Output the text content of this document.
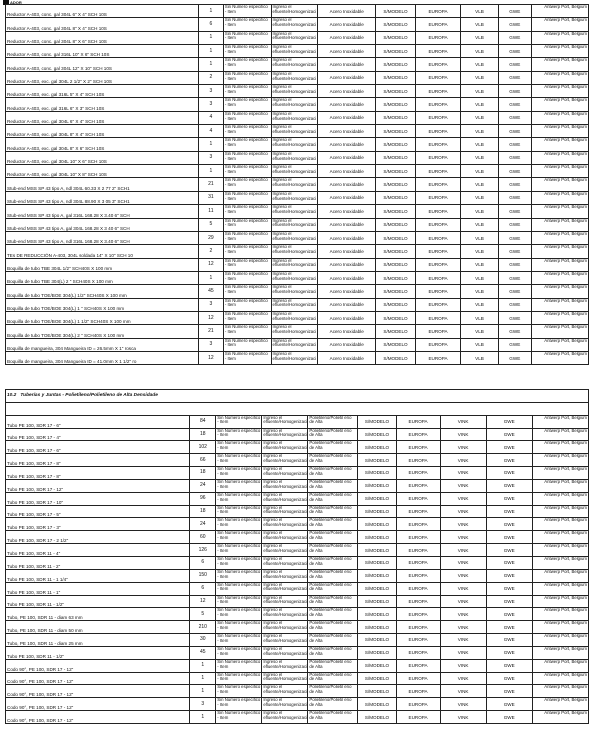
ADOR
Reductor A-403, conc. gal 304L 6" X 4" SCH 10S	1	Sin Numero especifico - Item	Ingreso el efluente/Homogenizaci	Acero Inoxidable	S/MODELO	EUROPA	VLB	GWE	Antwerp Port, Belgium
Reductor A-403, conc. gal 304L 8" X 4" SCH 10S	6	Sin Numero especifico - Item	Ingreso el efluente/Homogenizaci	Acero Inoxidable	S/MODELO	EUROPA	VLB	GWE	Antwerp Port, Belgium
Reductor A-403, conc. gal 304L 8" X 6" SCH 10S	1	Sin Numero especifico - Item	Ingreso el efluente/Homogenizaci	Acero Inoxidable	S/MODELO	EUROPA	VLB	GWE	Antwerp Port, Belgium
Reductor A-403, conc. gal 316L 10" X 6" SCH 10S	1	Sin Numero especifico - Item	Ingreso el efluente/Homogenizaci	Acero Inoxidable	S/MODELO	EUROPA	VLB	GWE	Antwerp Port, Belgium
Reductor A-403, conc. gal 304L 12" X 10" SCH 10S	1	Sin Numero especifico - Item	Ingreso el efluente/Homogenizaci	Acero Inoxidable	S/MODELO	EUROPA	VLB	GWE	Antwerp Port, Belgium
Reductor A-403, exc. gal 304L 2 1/2" X 2" SCH 10S	2	Sin Numero especifico - Item	Ingreso el efluente/Homogenizaci	Acero Inoxidable	S/MODELO	EUROPA	VLB	GWE	Antwerp Port, Belgium
Reductor A-403, exc. gal 316L 5" X 4" SCH 10S	3	Sin Numero especifico - Item	Ingreso el efluente/Homogenizaci	Acero Inoxidable	S/MODELO	EUROPA	VLB	GWE	Antwerp Port, Belgium
Reductor A-403, exc. gal 316L 6" X 3" SCH 10S	3	Sin Numero especifico - Item	Ingreso el efluente/Homogenizaci	Acero Inoxidable	S/MODELO	EUROPA	VLB	GWE	Antwerp Port, Belgium
Reductor A-403, exc. gal 304L 6" X 4" SCH 10S	4	Sin Numero especifico - Item	Ingreso el efluente/Homogenizaci	Acero Inoxidable	S/MODELO	EUROPA	VLB	GWE	Antwerp Port, Belgium
Reductor A-403, exc. gal 304L 8" X 4" SCH 10S	4	Sin Numero especifico - Item	Ingreso el efluente/Homogenizaci	Acero Inoxidable	S/MODELO	EUROPA	VLB	GWE	Antwerp Port, Belgium
Reductor A-403, exc. gal 304L 8" X 6" SCH 10S	1	Sin Numero especifico - Item	Ingreso el efluente/Homogenizaci	Acero Inoxidable	S/MODELO	EUROPA	VLB	GWE	Antwerp Port, Belgium
Reductor A-403, exc. gal 304L 10" X 6" SCH 10S	3	Sin Numero especifico - Item	Ingreso el efluente/Homogenizaci	Acero Inoxidable	S/MODELO	EUROPA	VLB	GWE	Antwerp Port, Belgium
Reductor A-403, exc. gal 304L 10" X 8" SCH 10S	1	Sin Numero especifico - Item	Ingreso el efluente/Homogenizaci	Acero Inoxidable	S/MODELO	EUROPA	VLB	GWE	Antwerp Port, Belgium
Stub-end MSS SP 43 tipo A, ndl 304L 60.33 X 2 77 2" SCH1	21	Sin Numero especifico - Item	Ingreso el efluente/Homogenizaci	Acero Inoxidable	S/MODELO	EUROPA	VLB	GWE	Antwerp Port, Belgium
Stub-end MSS SP 43 tipo A, ndl 304L 88.90 X 3 05 3" SCH1	31	Sin Numero especifico - Item	Ingreso el efluente/Homogenizaci	Acero Inoxidable	S/MODELO	EUROPA	VLB	GWE	Antwerp Port, Belgium
Stub-end MSS SP 43 tipo A, gal 316L 168.28 X 3.40 6" SCH	11	Sin Numero especifico - Item	Ingreso el efluente/Homogenizaci	Acero Inoxidable	S/MODELO	EUROPA	VLB	GWE	Antwerp Port, Belgium
Stub-end MSS SP 43 tipo A, gal 304L 168.28 X 3 40 6" SCH	5	Sin Numero especifico - Item	Ingreso el efluente/Homogenizaci	Acero Inoxidable	S/MODELO	EUROPA	VLB	GWE	Antwerp Port, Belgium
Stub-end MSS SP 43 tipo A, ndl 316L 168.28 X 3.40 6" SCH	29	Sin Numero especifico - Item	Ingreso el efluente/Homogenizaci	Acero Inoxidable	S/MODELO	EUROPA	VLB	GWE	Antwerp Port, Belgium
TEs DE REDUCCIÓN A-403, 304L soldada 14" X 10" SCH 10	2	Sin Numero especifico - Item	Ingreso el efluente/Homogenizaci	Acero Inoxidable	S/MODELO	EUROPA	VLB	GWE	Antwerp Port, Belgium
Boquilla de tubo TBE 304L 1/2" SCH40S X 100 mm	12	Sin Numero especifico - Item	Ingreso el efluente/Homogenizaci	Acero Inoxidable	S/MODELO	EUROPA	VLB	GWE	Antwerp Port, Belgium
Boquilla de tubo TBE 304(L) 2 " SCH40S X 100 mm	1	Sin Numero especifico - Item	Ingreso el efluente/Homogenizaci	Acero Inoxidable	S/MODELO	EUROPA	VLB	GWE	Antwerp Port, Belgium
Boquilla de tubo TOE/BOE 304(L) 1/2" SCH40S X 100 mm	45	Sin Numero especifico - Item	Ingreso el efluente/Homogenizaci	Acero Inoxidable	S/MODELO	EUROPA	VLB	GWE	Antwerp Port, Belgium
Boquilla de tubo TOE/BOE 304(L) 1 " SCH40S X 100 mm	3	Sin Numero especifico - Item	Ingreso el efluente/Homogenizaci	Acero Inoxidable	S/MODELO	EUROPA	VLB	GWE	Antwerp Port, Belgium
Boquilla de tubo TOE/BOE 304(L) 1 1/2" SCH40S X 100 mm	12	Sin Numero especifico - Item	Ingreso el efluente/Homogenizaci	Acero Inoxidable	S/MODELO	EUROPA	VLB	GWE	Antwerp Port, Belgium
Boquilla de tubo TOE/BOE 304(L) 2 " SCH40S X 100 mm	21	Sin Numero especifico - Item	Ingreso el efluente/Homogenizaci	Acero Inoxidable	S/MODELO	EUROPA	VLB	GWE	Antwerp Port, Belgium
Boquilla de mangueira, 304 Mangueira ID = 26.5mm X 1" rosca	3	Sin Numero especifico - Item	Ingreso el efluente/Homogenizaci	Acero Inoxidable	S/MODELO	EUROPA	VLB	GWE	Antwerp Port, Belgium
Boquilla de mangueira, 304 Mangueira ID = 41.0mm X 1 1/2" ro	12	Sin Numero especifico - Item	Ingreso el efluente/Homogenizaci	Acero Inoxidable	S/MODELO	EUROPA	VLB	GWE	Antwerp Port, Belgium
10.2 Tuberías y Juntas - Polietileno/Polietileno de Alta Densidade									

Tubo PE 100, SDR 17 - 6"	84	Sin Numero especifico - Item	Ingreso el efluente/Homogenizaci	Polietileno/Polietil eno de Alta	S/MODELO	EUROPA	VINK	GWE	Antwerp Port, Belgium
Tubo PE 100, SDR 17 - 4"	18	Sin Numero especifico - Item	Ingreso el efluente/Homogenizaci	Polietileno/Polietil eno de Alta	S/MODELO	EUROPA	VINK	GWE	Antwerp Port, Belgium
Tubo PE 100, SDR 17 - 6"	102	Sin Numero especifico - Item	Ingreso el efluente/Homogenizaci	Polietileno/Polietil eno de Alta	S/MODELO	EUROPA	VINK	GWE	Antwerp Port, Belgium
Tubo PE 100, SDR 17 - 8"	66	Sin Numero especifico - Item	Ingreso el efluente/Homogenizaci	Polietileno/Polietil eno de Alta	S/MODELO	EUROPA	VINK	GWE	Antwerp Port, Belgium
Tubo PE 100, SDR 17 - 8"	18	Sin Numero especifico - Item	Ingreso el efluente/Homogenizaci	Polietileno/Polietil eno de Alta	S/MODELO	EUROPA	VINK	GWE	Antwerp Port, Belgium
Tubo PE 100, SDR 17 - 12"	24	Sin Numero especifico - Item	Ingreso el efluente/Homogenizaci	Polietileno/Polietil eno de Alta	S/MODELO	EUROPA	VINK	GWE	Antwerp Port, Belgium
Tubo PE 100, SDR 17 - 10"	96	Sin Numero especifico - Item	Ingreso el efluente/Homogenizaci	Polietileno/Polietil eno de Alta	S/MODELO	EUROPA	VINK	GWE	Antwerp Port, Belgium
Tubo PE 100, SDR 17 - 5"	18	Sin Numero especifico - Item	Ingreso el efluente/Homogenizaci	Polietileno/Polietil eno de Alta	S/MODELO	EUROPA	VINK	GWE	Antwerp Port, Belgium
Tubo PE 100, SDR 17 - 3"	24	Sin Numero especifico - Item	Ingreso el efluente/Homogenizaci	Polietileno/Polietil eno de Alta	S/MODELO	EUROPA	VINK	GWE	Antwerp Port, Belgium
Tubo PE 100, SDR 17 - 2 1/2"	60	Sin Numero especifico - Item	Ingreso el efluente/Homogenizaci	Polietileno/Polietil eno de Alta	S/MODELO	EUROPA	VINK	GWE	Antwerp Port, Belgium
Tubo PE 100, SDR 11 - 4"	126	Sin Numero especifico - Item	Ingreso el efluente/Homogenizaci	Polietileno/Polietil eno de Alta	S/MODELO	EUROPA	VINK	GWE	Antwerp Port, Belgium
Tubo PE 100, SDR 11 - 2"	6	Sin Numero especifico - Item	Ingreso el efluente/Homogenizaci	Polietileno/Polietil eno de Alta	S/MODELO	EUROPA	VINK	GWE	Antwerp Port, Belgium
Tubo PE 100, SDR 11 - 1 1/4"	150	Sin Numero especifico - Item	Ingreso el efluente/Homogenizaci	Polietileno/Polietil eno de Alta	S/MODELO	EUROPA	VINK	GWE	Antwerp Port, Belgium
Tubo PE 100, SDR 11 - 1"	6	Sin Numero especifico - Item	Ingreso el efluente/Homogenizaci	Polietileno/Polietil eno de Alta	S/MODELO	EUROPA	VINK	GWE	Antwerp Port, Belgium
Tubo PE 100, SDR 11 - 1/2"	12	Sin Numero especifico - Item	Ingreso el efluente/Homogenizaci	Polietileno/Polietil eno de Alta	S/MODELO	EUROPA	VINK	GWE	Antwerp Port, Belgium
Tubo, PE 100, SDR 11 - diam 63 mm	5	Sin Numero especifico - Item	Ingreso el efluente/Homogenizaci	Polietileno/Polietil eno de Alta	S/MODELO	EUROPA	VINK	GWE	Antwerp Port, Belgium
Tubo, PE 100, SDR 11 - diam 50 mm	210	Sin Numero especifico - Item	Ingreso el efluente/Homogenizaci	Polietileno/Polietil eno de Alta	S/MODELO	EUROPA	VINK	GWE	Antwerp Port, Belgium
Tubo, PE 100, SDR 11 - diam 25 mm	30	Sin Numero especifico - Item	Ingreso el efluente/Homogenizaci	Polietileno/Polietil eno de Alta	S/MODELO	EUROPA	VINK	GWE	Antwerp Port, Belgium
Tubo PE 100, SDR 11 - 1/2"	45	Sin Numero especifico - Item	Ingreso el efluente/Homogenizaci	Polietileno/Polietil eno de Alta	S/MODELO	EUROPA	VINK	GWE	Antwerp Port, Belgium
Codo 90°, PE 100, SDR 17 - 12"	1	Sin Numero especifico - Item	Ingreso el efluente/Homogenizaci	Polietileno/Polietil eno de Alta	S/MODELO	EUROPA	VINK	GWE	Antwerp Port, Belgium
Codo 90°, PE 100, SDR 17 - 12"	1	Sin Numero especifico - Item	Ingreso el efluente/Homogenizaci	Polietileno/Polietil eno de Alta	S/MODELO	EUROPA	VINK	GWE	Antwerp Port, Belgium
Codo 90°, PE 100, SDR 17 - 12"	1	Sin Numero especifico - Item	Ingreso el efluente/Homogenizaci	Polietileno/Polietil eno de Alta	S/MODELO	EUROPA	VINK	GWE	Antwerp Port, Belgium
Codo 90°, PE 100, SDR 17 - 12"	3	Sin Numero especifico - Item	Ingreso el efluente/Homogenizaci	Polietileno/Polietil eno de Alta	S/MODELO	EUROPA	VINK	GWE	Antwerp Port, Belgium
Codo 90°, PE 100, SDR 17 - 12"	1	Sin Numero especifico - Item	Ingreso el efluente/Homogenizaci	Polietileno/Polietil eno de Alta	S/MODELO	EUROPA	VINK	GWE	Antwerp Port, Belgium
